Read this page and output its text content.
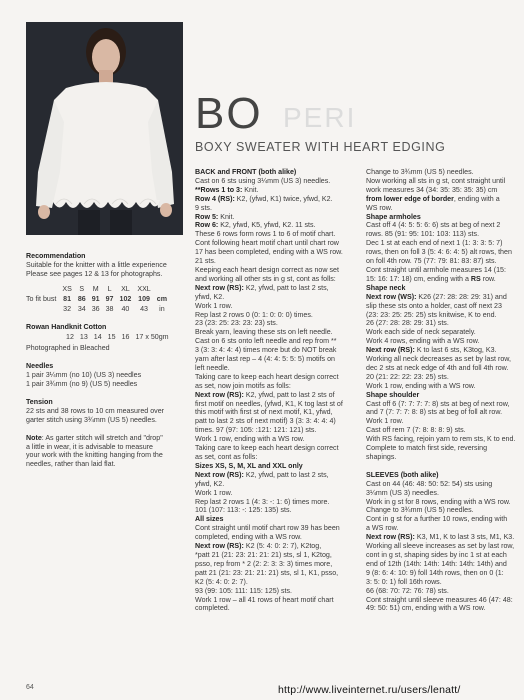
PERI
BO
BOXY SWEATER WITH HEART EDGING

Recommendation

Suitable for the knitter with a little experience

Please see pages 12 & 13 for photographs.

	XS	S	M	L	XL	XXL	
To fit bust	81	86	91	97	102	109	cm
	32	34	36	38	40	43	in

Rowan Handknit Cotton

	12	13	14	15	16	17 x 50gm

Photographed in Bleached

Needles

1 pair 3¼mm (no 10) (US 3) needles

1 pair 3¾mm (no 9) (US 5) needles

Tension

22 sts and 38 rows to 10 cm measured over

garter stitch using 3¾mm (US 5) needles.

Note: As garter stitch will stretch and "drop"

a little in wear, it is advisable to measure

your work with the knitting hanging from the

needles, rather than laid flat.

BACK and FRONT (both alike)

Cast on 6 sts using 3¼mm (US 3) needles.

**Rows 1 to 3: Knit.

Row 4 (RS): K2, (yfwd, K1) twice, yfwd, K2.

9 sts.

Row 5: Knit.

Row 6: K2, yfwd, K5, yfwd, K2. 11 sts.

These 6 rows form rows 1 to 6 of motif chart.

Cont following heart motif chart until chart row

17 has been completed, ending with a WS row.

21 sts.

Keeping each heart design correct as now set

and working all other sts in g st, cont as folls:

Next row (RS): K2, yfwd, patt to last 2 sts,

yfwd, K2.

Work 1 row.

Rep last 2 rows 0 (0: 1: 0: 0: 0) times.

23 (23: 25: 23: 23: 23) sts.

Break yarn, leaving these sts on left needle.

Cast on 6 sts onto left needle and rep from **

3 (3: 3: 4: 4: 4) times more but do NOT break

yarn after last rep – 4 (4: 4: 5: 5: 5) motifs on

left needle.

Taking care to keep each heart design correct

as set, now join motifs as folls:

Next row (RS): K2, yfwd, patt to last 2 sts of

first motif on needles, (yfwd, K1, K tog last st of

this motif with first st of next motif, K1, yfwd,

patt to last 2 sts of next motif) 3 (3: 3: 4: 4: 4)

times. 97 (97: 105: :121: 121: 121) sts.

Work 1 row, ending with a WS row.

Taking care to keep each heart design correct

as set, cont as folls:

Sizes XS, S, M, XL and XXL only

Next row (RS): K2, yfwd, patt to last 2 sts,

yfwd, K2.

Work 1 row.

Rep last 2 rows 1 (4: 3: -: 1: 6) times more.

101 (107: 113: -: 125: 135) sts.

All sizes

Cont straight until motif chart row 39 has been

completed, ending with a WS row.

Next row (RS): K2 (5: 4: 0: 2: 7), K2tog,

*patt 21 (21: 23: 21: 21: 21) sts, sl 1, K2tog,

psso, rep from * 2 (2: 2: 3: 3: 3) times more,

patt 21 (21: 23: 21: 21: 21) sts, sl 1, K1, psso,

K2 (5: 4: 0: 2: 7).

93 (99: 105: 111: 115: 125) sts.

Work 1 row – all 41 rows of heart motif chart

completed.

Change to 3¾mm (US 5) needles.

Now working all sts in g st, cont straight until

work measures 34 (34: 35: 35: 35: 35) cm

from lower edge of border, ending with a

WS row.

Shape armholes

Cast off 4 (4: 5: 5: 6: 6) sts at beg of next 2

rows. 85 (91: 95: 101: 103: 113) sts.

Dec 1 st at each end of next 1 (1: 3: 3: 5: 7)

rows, then on foll 3 (5: 4: 6: 4: 5) alt rows, then

on foll 4th row. 75 (77: 79: 81: 83: 87) sts.

Cont straight until armhole measures 14 (15:

15: 16: 17: 18) cm, ending with a RS row.

Shape neck

Next row (WS): K26 (27: 28: 28: 29: 31) and

slip these sts onto a holder, cast off next 23

(23: 23: 25: 25: 25) sts knitwise, K to end.

26 (27: 28: 28: 29: 31) sts.

Work each side of neck separately.

Work 4 rows, ending with a WS row.

Next row (RS): K to last 6 sts, K3tog, K3.

Working all neck decreases as set by last row,

dec 2 sts at neck edge of 4th and foll 4th row.

20 (21: 22: 22: 23: 25) sts.

Work 1 row, ending with a WS row.

Shape shoulder

Cast off 6 (7: 7: 7: 7: 8) sts at beg of next row,

and 7 (7: 7: 7: 8: 8) sts at beg of foll alt row.

Work 1 row.

Cast off rem 7 (7: 8: 8: 8: 9) sts.

With RS facing, rejoin yarn to rem sts, K to end.

Complete to match first side, reversing

shapings.

SLEEVES (both alike)

Cast on 44 (46: 48: 50: 52: 54) sts using

3¼mm (US 3) needles.

Work in g st for 8 rows, ending with a WS row.

Change to 3¾mm (US 5) needles.

Cont in g st for a further 10 rows, ending with

a WS row.

Next row (RS): K3, M1, K to last 3 sts, M1, K3.

Working all sleeve increases as set by last row,

cont in g st, shaping sides by inc 1 st at each

end of 12th (14th: 14th: 14th: 14th: 14th) and

9 (8: 6: 4: 10: 9) foll 14th rows, then on 0 (1:

3: 5: 0: 1) foll 16th rows.

66 (68: 70: 72: 76: 78) sts.

Cont straight until sleeve measures 46 (47: 48:

49: 50: 51) cm, ending with a WS row.

64	http://www.liveinternet.ru/users/lenatt/
